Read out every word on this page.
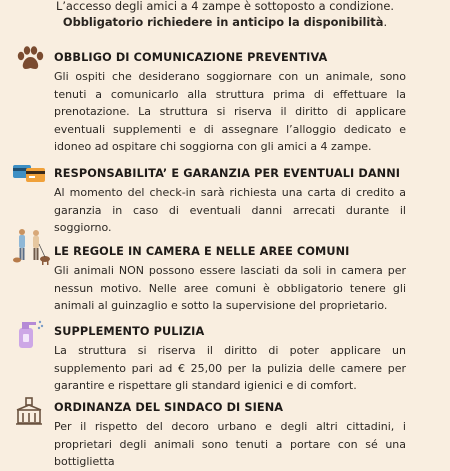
L’accesso degli amici a 4 zampe è sottoposto a condizione.
Obbligatorio richiedere in anticipo la disponibilità.
OBBLIGO DI COMUNICAZIONE PREVENTIVA
Gli ospiti che desiderano soggiornare con un animale, sono tenuti a comunicarlo alla struttura prima di effettuare la prenotazione. La struttura si riserva il diritto di applicare eventuali supplementi e di assegnare l’alloggio dedicato e idoneo ad ospitare chi soggiorna con gli amici a 4 zampe.
RESPONSABILITA’ E GARANZIA PER EVENTUALI DANNI
Al momento del check-in sarà richiesta una carta di credito a garanzia in caso di eventuali danni arrecati durante il soggiorno.
LE REGOLE IN CAMERA E NELLE AREE COMUNI
Gli animali NON possono essere lasciati da soli in camera per nessun motivo. Nelle aree comuni è obbligatorio tenere gli animali al guinzaglio e sotto la supervisione del proprietario.
SUPPLEMENTO PULIZIA
La struttura si riserva il diritto di poter applicare un supplemento pari ad € 25,00 per la pulizia delle camere per garantire e rispettare gli standard igienici e di comfort.
ORDINANZA DEL SINDACO DI SIENA
Per il rispetto del decoro urbano e degli altri cittadini, i proprietari degli animali sono tenuti a portare con sé una bottiglietta
